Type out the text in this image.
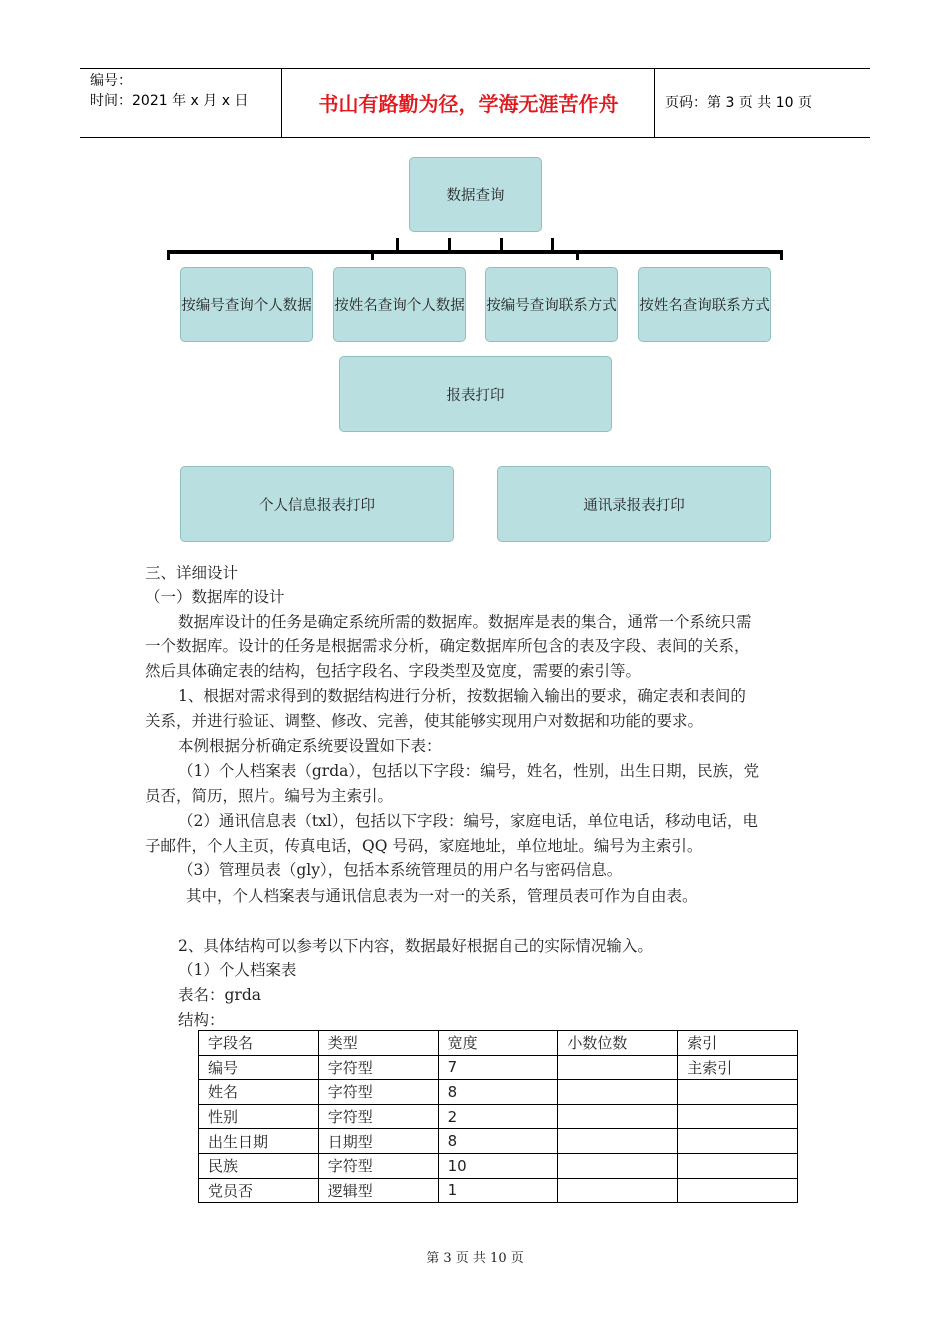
编号：
时间：2021 年 x 月 x 日	书山有路勤为径，学海无涯苦作舟	页码：第 3 页 共 10 页
数据查询
按编号查询个人数据 按姓名查询个人数据 按编号查询联系方式 按姓名查询联系方式
报表打印
个人信息报表打印	通讯录报表打印
三、详细设计
（一）数据库的设计
数据库设计的任务是确定系统所需的数据库。数据库是表的集合，通常一个系统只需
一个数据库。设计的任务是根据需求分析，确定数据库所包含的表及字段、表间的关系，
然后具体确定表的结构，包括字段名、字段类型及宽度，需要的索引等。
1、根据对需求得到的数据结构进行分析，按数据输入输出的要求，确定表和表间的
关系，并进行验证、调整、修改、完善，使其能够实现用户对数据和功能的要求。
本例根据分析确定系统要设置如下表：
（1）个人档案表（grda），包括以下字段：编号，姓名，性别，出生日期，民族，党
员否，简历，照片。编号为主索引。
（2）通讯信息表（txl），包括以下字段：编号，家庭电话，单位电话，移动电话，电
子邮件，个人主页，传真电话，QQ 号码，家庭地址，单位地址。编号为主索引。
（3）管理员表（gly），包括本系统管理员的用户名与密码信息。
其中，个人档案表与通讯信息表为一对一的关系，管理员表可作为自由表。
2、具体结构可以参考以下内容，数据最好根据自己的实际情况输入。
（1）个人档案表
表名：grda
结构：
字段名	类型	宽度	小数位数	索引
编号	字符型	7		主索引
姓名	字符型	8		
性别	字符型	2		
出生日期	日期型	8		
民族	字符型	10		
党员否	逻辑型	1		
第 3 页 共 10 页
